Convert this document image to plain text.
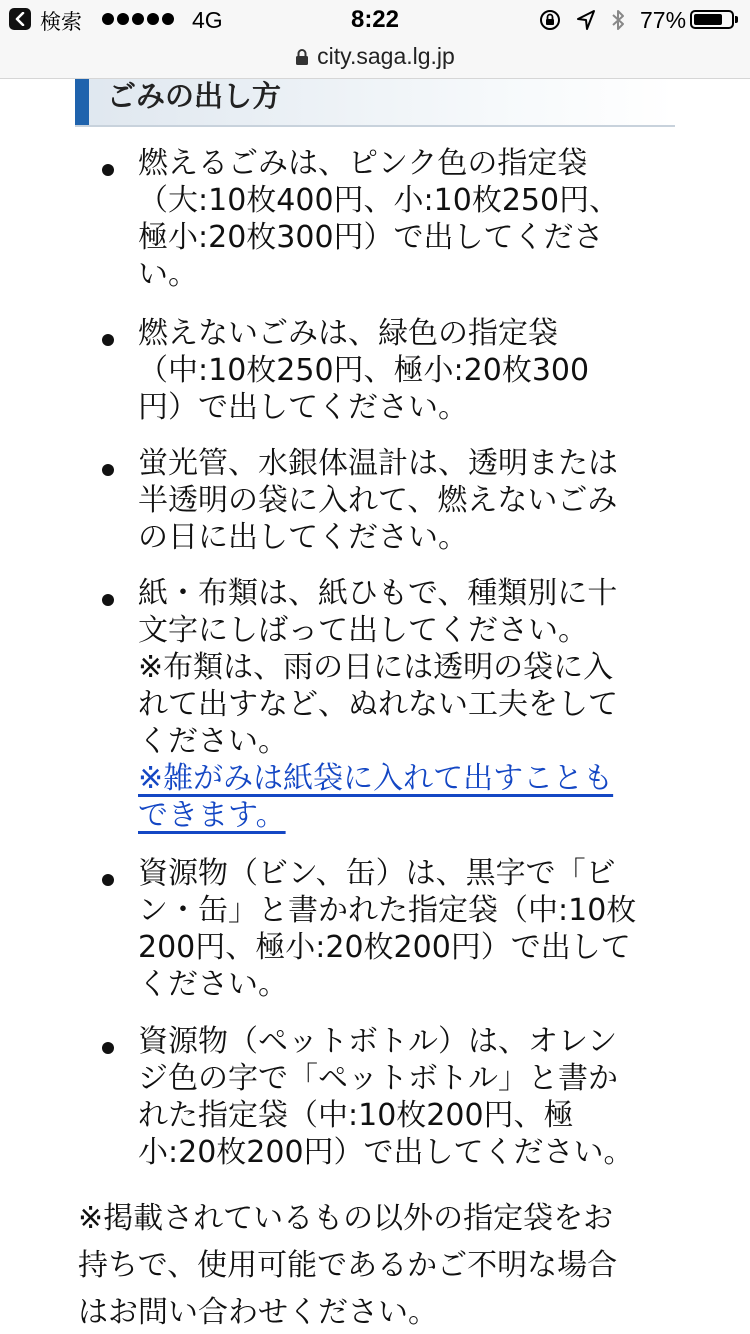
検索	4G	8:22	77%
city.saga.lg.jp
ごみの出し方
燃えるごみは、ピンク色の指定袋
（大:10枚400円、小:10枚250円、
極小:20枚300円）で出してくださ
い。
燃えないごみは、緑色の指定袋
（中:10枚250円、極小:20枚300
円）で出してください。
蛍光管、水銀体温計は、透明または
半透明の袋に入れて、燃えないごみ
の日に出してください。
紙・布類は、紙ひもで、種類別に十
文字にしばって出してください。
※布類は、雨の日には透明の袋に入
れて出すなど、ぬれない工夫をして
ください。
※雑がみは紙袋に入れて出すことも
できます。
資源物（ビン、缶）は、黒字で「ビ
ン・缶」と書かれた指定袋（中:10枚
200円、極小:20枚200円）で出して
ください。
資源物（ペットボトル）は、オレン
ジ色の字で「ペットボトル」と書か
れた指定袋（中:10枚200円、極
小:20枚200円）で出してください。
※掲載されているもの以外の指定袋をお
持ちで、使用可能であるかご不明な場合
はお問い合わせください。
